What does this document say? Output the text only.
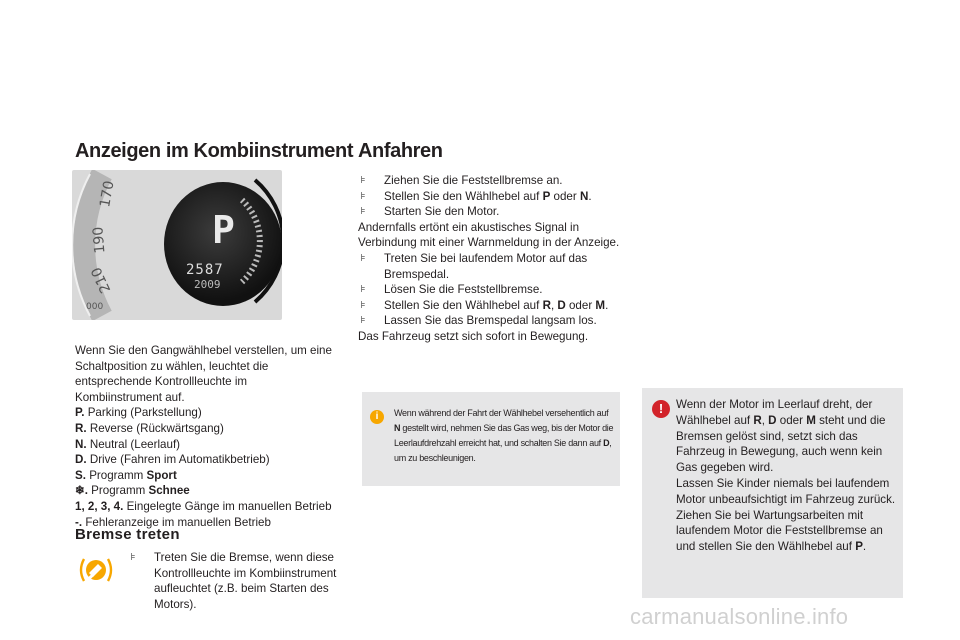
Anzeigen im Kombiinstrument
170
190
210
000
P
2587
2009

Wenn Sie den Gangwählhebel verstellen, um eine Schaltposition zu wählen, leuchtet die entsprechende Kontrollleuchte im Kombiinstrument auf.

P. Parking (Parkstellung)

R. Reverse (Rückwärtsgang)

N. Neutral (Leerlauf)

D. Drive (Fahren im Automatikbetrieb)

S. Programm Sport

❄. Programm Schnee

1, 2, 3, 4. Eingelegte Gänge im manuellen Betrieb

-. Fehleranzeige im manuellen Betrieb

Bremse treten
⊧ Treten Sie die Bremse, wenn diese Kontrollleuchte im Kombiinstrument aufleuchtet (z.B. beim Starten des Motors).

Anfahren
⊧ Ziehen Sie die Feststellbremse an.
⊧ Stellen Sie den Wählhebel auf P oder N.
⊧ Starten Sie den Motor.
Andernfalls ertönt ein akustisches Signal in Verbindung mit einer Warnmeldung in der Anzeige.
⊧ Treten Sie bei laufendem Motor auf das Bremspedal.
⊧ Lösen Sie die Feststellbremse.
⊧ Stellen Sie den Wählhebel auf R, D oder M.
⊧ Lassen Sie das Bremspedal langsam los.
Das Fahrzeug setzt sich sofort in Bewegung.
i	Wenn während der Fahrt der Wählhebel versehentlich auf N gestellt wird, nehmen Sie das Gas weg, bis der Motor die Leerlaufdrehzahl erreicht hat, und schalten Sie dann auf D, um zu beschleunigen.
!	Wenn der Motor im Leerlauf dreht, der Wählhebel auf R, D oder M steht und die Bremsen gelöst sind, setzt sich das Fahrzeug in Bewegung, auch wenn kein Gas gegeben wird.
Lassen Sie Kinder niemals bei laufendem Motor unbeaufsichtigt im Fahrzeug zurück.
Ziehen Sie bei Wartungsarbeiten mit laufendem Motor die Feststellbremse an und stellen Sie den Wählhebel auf P.
carmanualsonline.info
